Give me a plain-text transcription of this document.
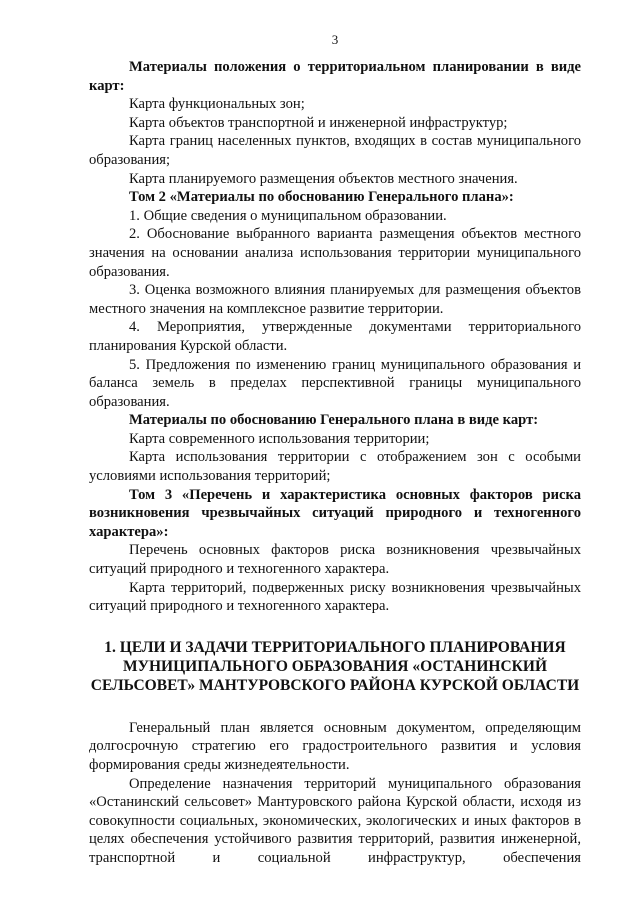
3

Материалы положения о территориальном планировании в виде карт:

Карта функциональных зон;

Карта объектов транспортной и инженерной инфраструктур;

Карта границ населенных пунктов, входящих в состав муниципального образования;

Карта планируемого размещения объектов местного значения.

Том 2 «Материалы по обоснованию Генерального плана»:

1. Общие сведения о муниципальном образовании.

2. Обоснование выбранного варианта размещения объектов местного значения на основании анализа использования территории муниципального образования.

3. Оценка возможного влияния планируемых для размещения объектов местного значения на комплексное развитие территории.

4. Мероприятия, утвержденные документами территориального планирования Курской области.

5. Предложения по изменению границ муниципального образования и баланса земель в пределах перспективной границы муниципального образования.

Материалы по обоснованию Генерального плана в виде карт:

Карта современного использования территории;

Карта использования территории с отображением зон с особыми условиями использования территорий;

Том 3 «Перечень и характеристика основных факторов риска возникновения чрезвычайных ситуаций природного и техногенного характера»:

Перечень основных факторов риска возникновения чрезвычайных ситуаций природного и техногенного характера.

Карта территорий, подверженных риску возникновения чрезвычайных ситуаций природного и техногенного характера.

1. ЦЕЛИ И ЗАДАЧИ ТЕРРИТОРИАЛЬНОГО ПЛАНИРОВАНИЯ
МУНИЦИПАЛЬНОГО ОБРАЗОВАНИЯ «ОСТАНИНСКИЙ
СЕЛЬСОВЕТ» МАНТУРОВСКОГО РАЙОНА КУРСКОЙ ОБЛАСТИ

Генеральный план является основным документом, определяющим долгосрочную стратегию его градостроительного развития и условия формирования среды жизнедеятельности.

Определение назначения территорий муниципального образования «Останинский сельсовет» Мантуровского района Курской области, исходя из совокупности социальных, экономических, экологических и иных факторов в целях обеспечения устойчивого развития территорий, развития инженерной, транспортной и социальной инфраструктур, обеспечения
